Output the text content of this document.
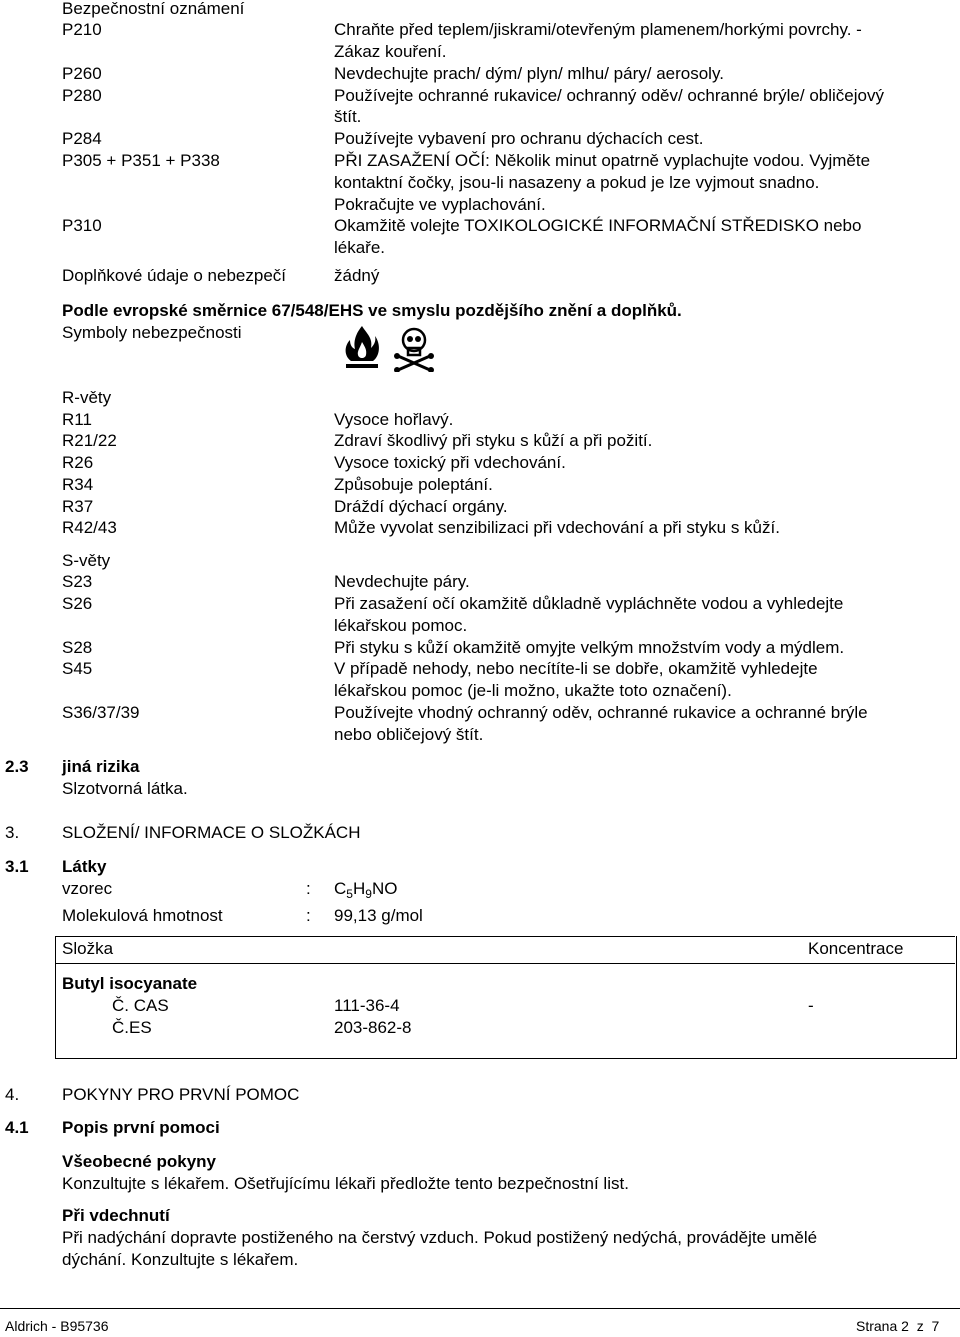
Bezpečnostní oznámení
P210	Chraňte před teplem/jiskrami/otevřeným plamenem/horkými povrchy. -
Zákaz kouření.
P260	Nevdechujte prach/ dým/ plyn/ mlhu/ páry/ aerosoly.
P280	Používejte ochranné rukavice/ ochranný oděv/ ochranné brýle/ obličejový
štít.
P284	Používejte vybavení pro ochranu dýchacích cest.
P305 + P351 + P338	PŘI ZASAŽENÍ OČÍ: Několik minut opatrně vyplachujte vodou. Vyjměte
kontaktní čočky, jsou-li nasazeny a pokud je lze vyjmout snadno.
Pokračujte ve vyplachování.
P310	Okamžitě volejte TOXIKOLOGICKÉ INFORMAČNÍ STŘEDISKO nebo
lékaře.
Doplňkové údaje o nebezpečí	žádný
Podle evropské směrnice 67/548/EHS ve smyslu pozdějšího znění a doplňků.
Symboly nebezpečnosti
R-věty
R11	Vysoce hořlavý.
R21/22	Zdraví škodlivý při styku s kůží a při požití.
R26	Vysoce toxický při vdechování.
R34	Způsobuje poleptání.
R37	Dráždí dýchací orgány.
R42/43	Může vyvolat senzibilizaci při vdechování a při styku s kůží.
S-věty
S23	Nevdechujte páry.
S26	Při zasažení očí okamžitě důkladně vypláchněte vodou a vyhledejte
lékařskou pomoc.
S28	Při styku s kůží okamžitě omyjte velkým množstvím vody a mýdlem.
S45	V případě nehody, nebo necítíte-li se dobře, okamžitě vyhledejte
lékařskou pomoc (je-li možno, ukažte toto označení).
S36/37/39	Používejte vhodný ochranný oděv, ochranné rukavice a ochranné brýle
nebo obličejový štít.
2.3 jiná rizika
Slzotvorná látka.
3.	SLOŽENÍ/ INFORMACE O SLOŽKÁCH
3.1 Látky
vzorec	: $C_5H_9NO$
Molekulová hmotnost	: 99,13 g/mol
Složka	Koncentrace
Butyl isocyanate
Č. CAS	111-36-4	-
Č.ES	203-862-8
4.	POKYNY PRO PRVNÍ POMOC
4.1 Popis první pomoci
Všeobecné pokyny
Konzultujte s lékařem. Ošetřujícímu lékaři předložte tento bezpečnostní list.
Při vdechnutí
Při nadýchání dopravte postiženého na čerstvý vzduch. Pokud postižený nedýchá, provádějte umělé
dýchání. Konzultujte s lékařem.
Aldrich - B95736	Strana 2  z  7
